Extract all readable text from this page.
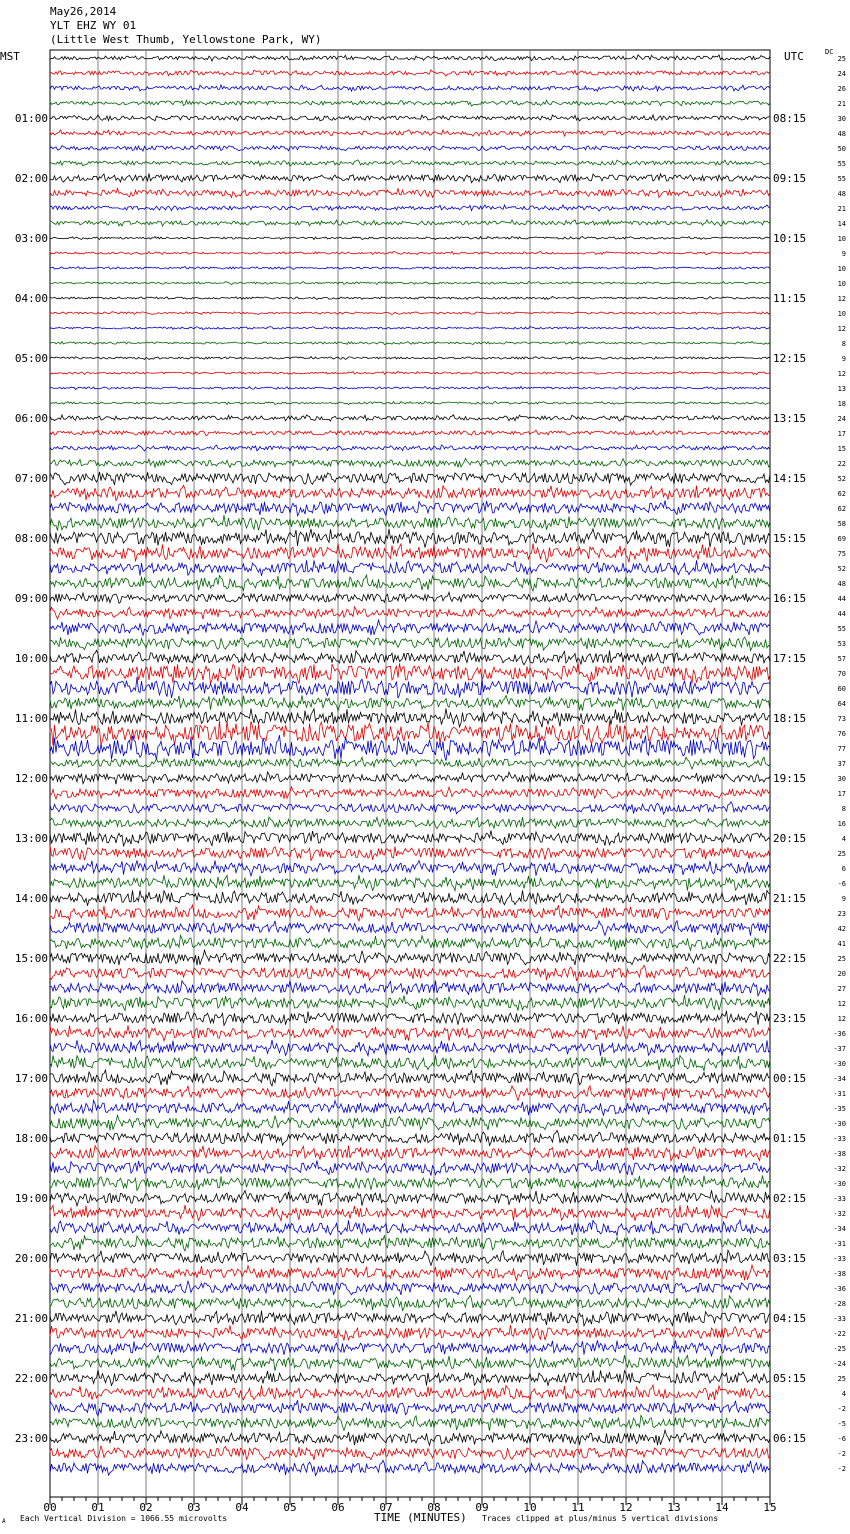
May26,2014
YLT EHZ WY 01
(Little West Thumb, Yellowstone Park, WY)
MST	UTC	DC
25
24
26
21
30
48
50
55
55
48
21
14
10
9
10
10
12
10
12
8
9
12
13
18
24
17
15
22
52
62
62
58
69
75
52
48
44
44
55
53
57
70
60
64
73
76
77
37
30
17
8
16
4
25
6
-6
9
23
42
41
25
20
27
12
12
-36
-37
-30
-34
-31
-35
-30
-33
-38
-32
-30
-33
-32
-34
-31
-33
-38
-36
-28
-33
-22
-25
-24
25
4
-2
-5
-6
-2
-2
01:00	08:15
02:00	09:15
03:00	10:15
04:00	11:15
05:00	12:15
06:00	13:15
07:00	14:15
08:00	15:15
09:00	16:15
10:00	17:15
11:00	18:15
12:00	19:15
13:00	20:15
14:00	21:15
15:00	22:15
16:00	23:15
17:00	00:15
18:00	01:15
19:00	02:15
20:00	03:15
21:00	04:15
22:00	05:15
23:00	06:15
00	01	02	03	04	05	06	07	08	09	10	11	12	13	14	15
Each Vertical Division = 1066.55 microvolts	TIME (MINUTES) Traces clipped at plus/minus 5 vertical divisions
A
